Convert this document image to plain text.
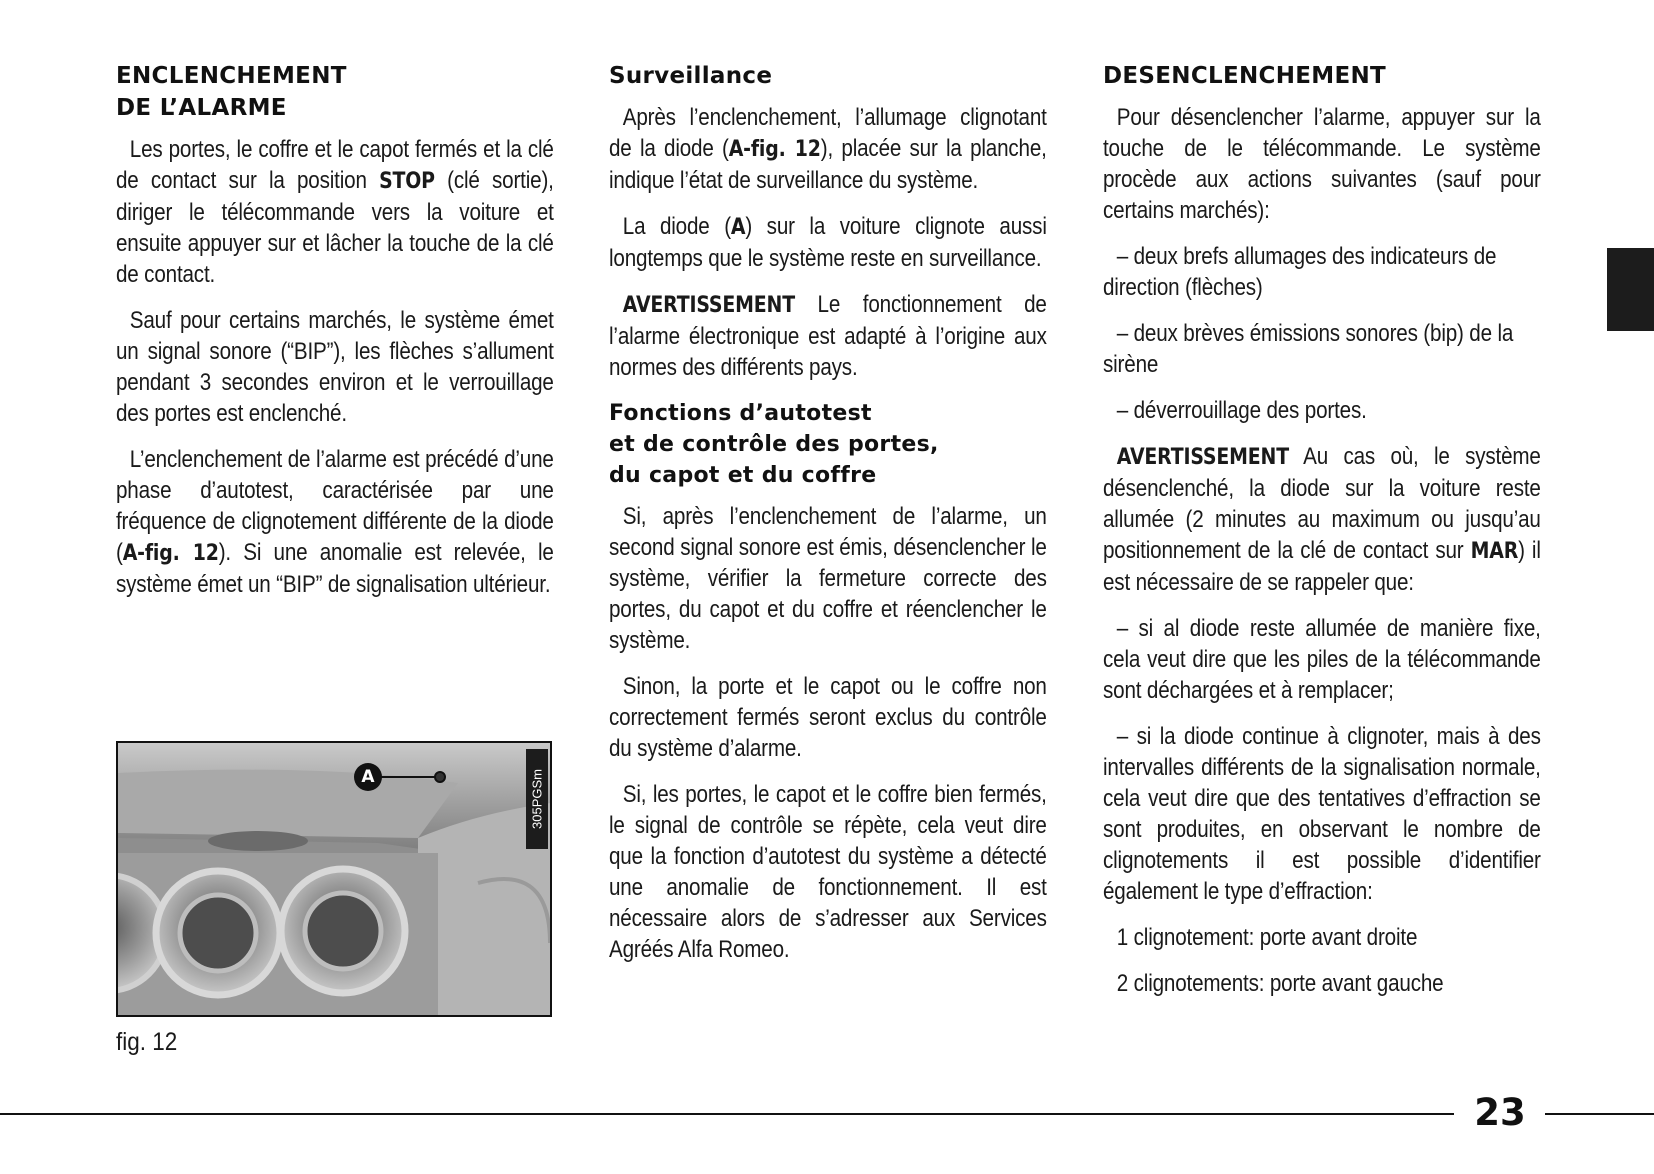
ENCLENCHEMENT
DE L’ALARME

Les portes, le coffre et le capot fermés et la clé de contact sur la position STOP (clé sortie), diriger le télécommande vers la voiture et ensuite appuyer sur et lâcher la touche de la clé de contact.

Sauf pour certains marchés, le système émet un signal sonore (“BIP”), les flèches s’allument pendant 3 secondes environ et le verrouillage des portes est enclenché.

L’enclenchement de l’alarme est précédé d’une phase d’autotest, caractérisée par une fréquence de clignotement différente de la diode (A-fig. 12). Si une anomalie est relevée, le système émet un “BIP” de signalisation ultérieur.

A	305PGSm
fig. 12
Surveillance

Après l’enclenchement, l’allumage clignotant de la diode (A-fig. 12), placée sur la planche, indique l’état de surveillance du système.

La diode (A) sur la voiture clignote aussi longtemps que le système reste en surveillance.

AVERTISSEMENT Le fonctionnement de l’alarme électronique est adapté à l’origine aux normes des différents pays.

Fonctions d’autotest
et de contrôle des portes,
du capot et du coffre

Si, après l’enclenchement de l’alarme, un second signal sonore est émis, désenclencher le système, vérifier la fermeture correcte des portes, du capot et du coffre et réenclencher le système.

Sinon, la porte et le capot ou le coffre non correctement fermés seront exclus du contrôle du système d’alarme.

Si, les portes, le capot et le coffre bien fermés, le signal de contrôle se répète, cela veut dire que la fonction d’autotest du système a détecté une anomalie de fonctionnement. Il est nécessaire alors de s’adresser aux Services Agréés Alfa Romeo.

DESENCLENCHEMENT

Pour désenclencher l’alarme, appuyer sur la touche de le télécommande. Le système procède aux actions suivantes (sauf pour certains marchés):

– deux brefs allumages des indicateurs de direction (flèches)

– deux brèves émissions sonores (bip) de la sirène

– déverrouillage des portes.

AVERTISSEMENT Au cas où, le système désenclenché, la diode sur la voiture reste allumée (2 minutes au maximum ou jusqu’au positionnement de la clé de contact sur MAR) il est nécessaire de se rappeler que:

– si al diode reste allumée de manière fixe, cela veut dire que les piles de la télécommande sont déchargées et à remplacer;

– si la diode continue à clignoter, mais à des intervalles différents de la signalisation normale, cela veut dire que des tentatives d’effraction se sont produites, en observant le nombre de clignotements il est possible d’identifier également le type d’effraction:

1 clignotement: porte avant droite

2 clignotements: porte avant gauche

23
